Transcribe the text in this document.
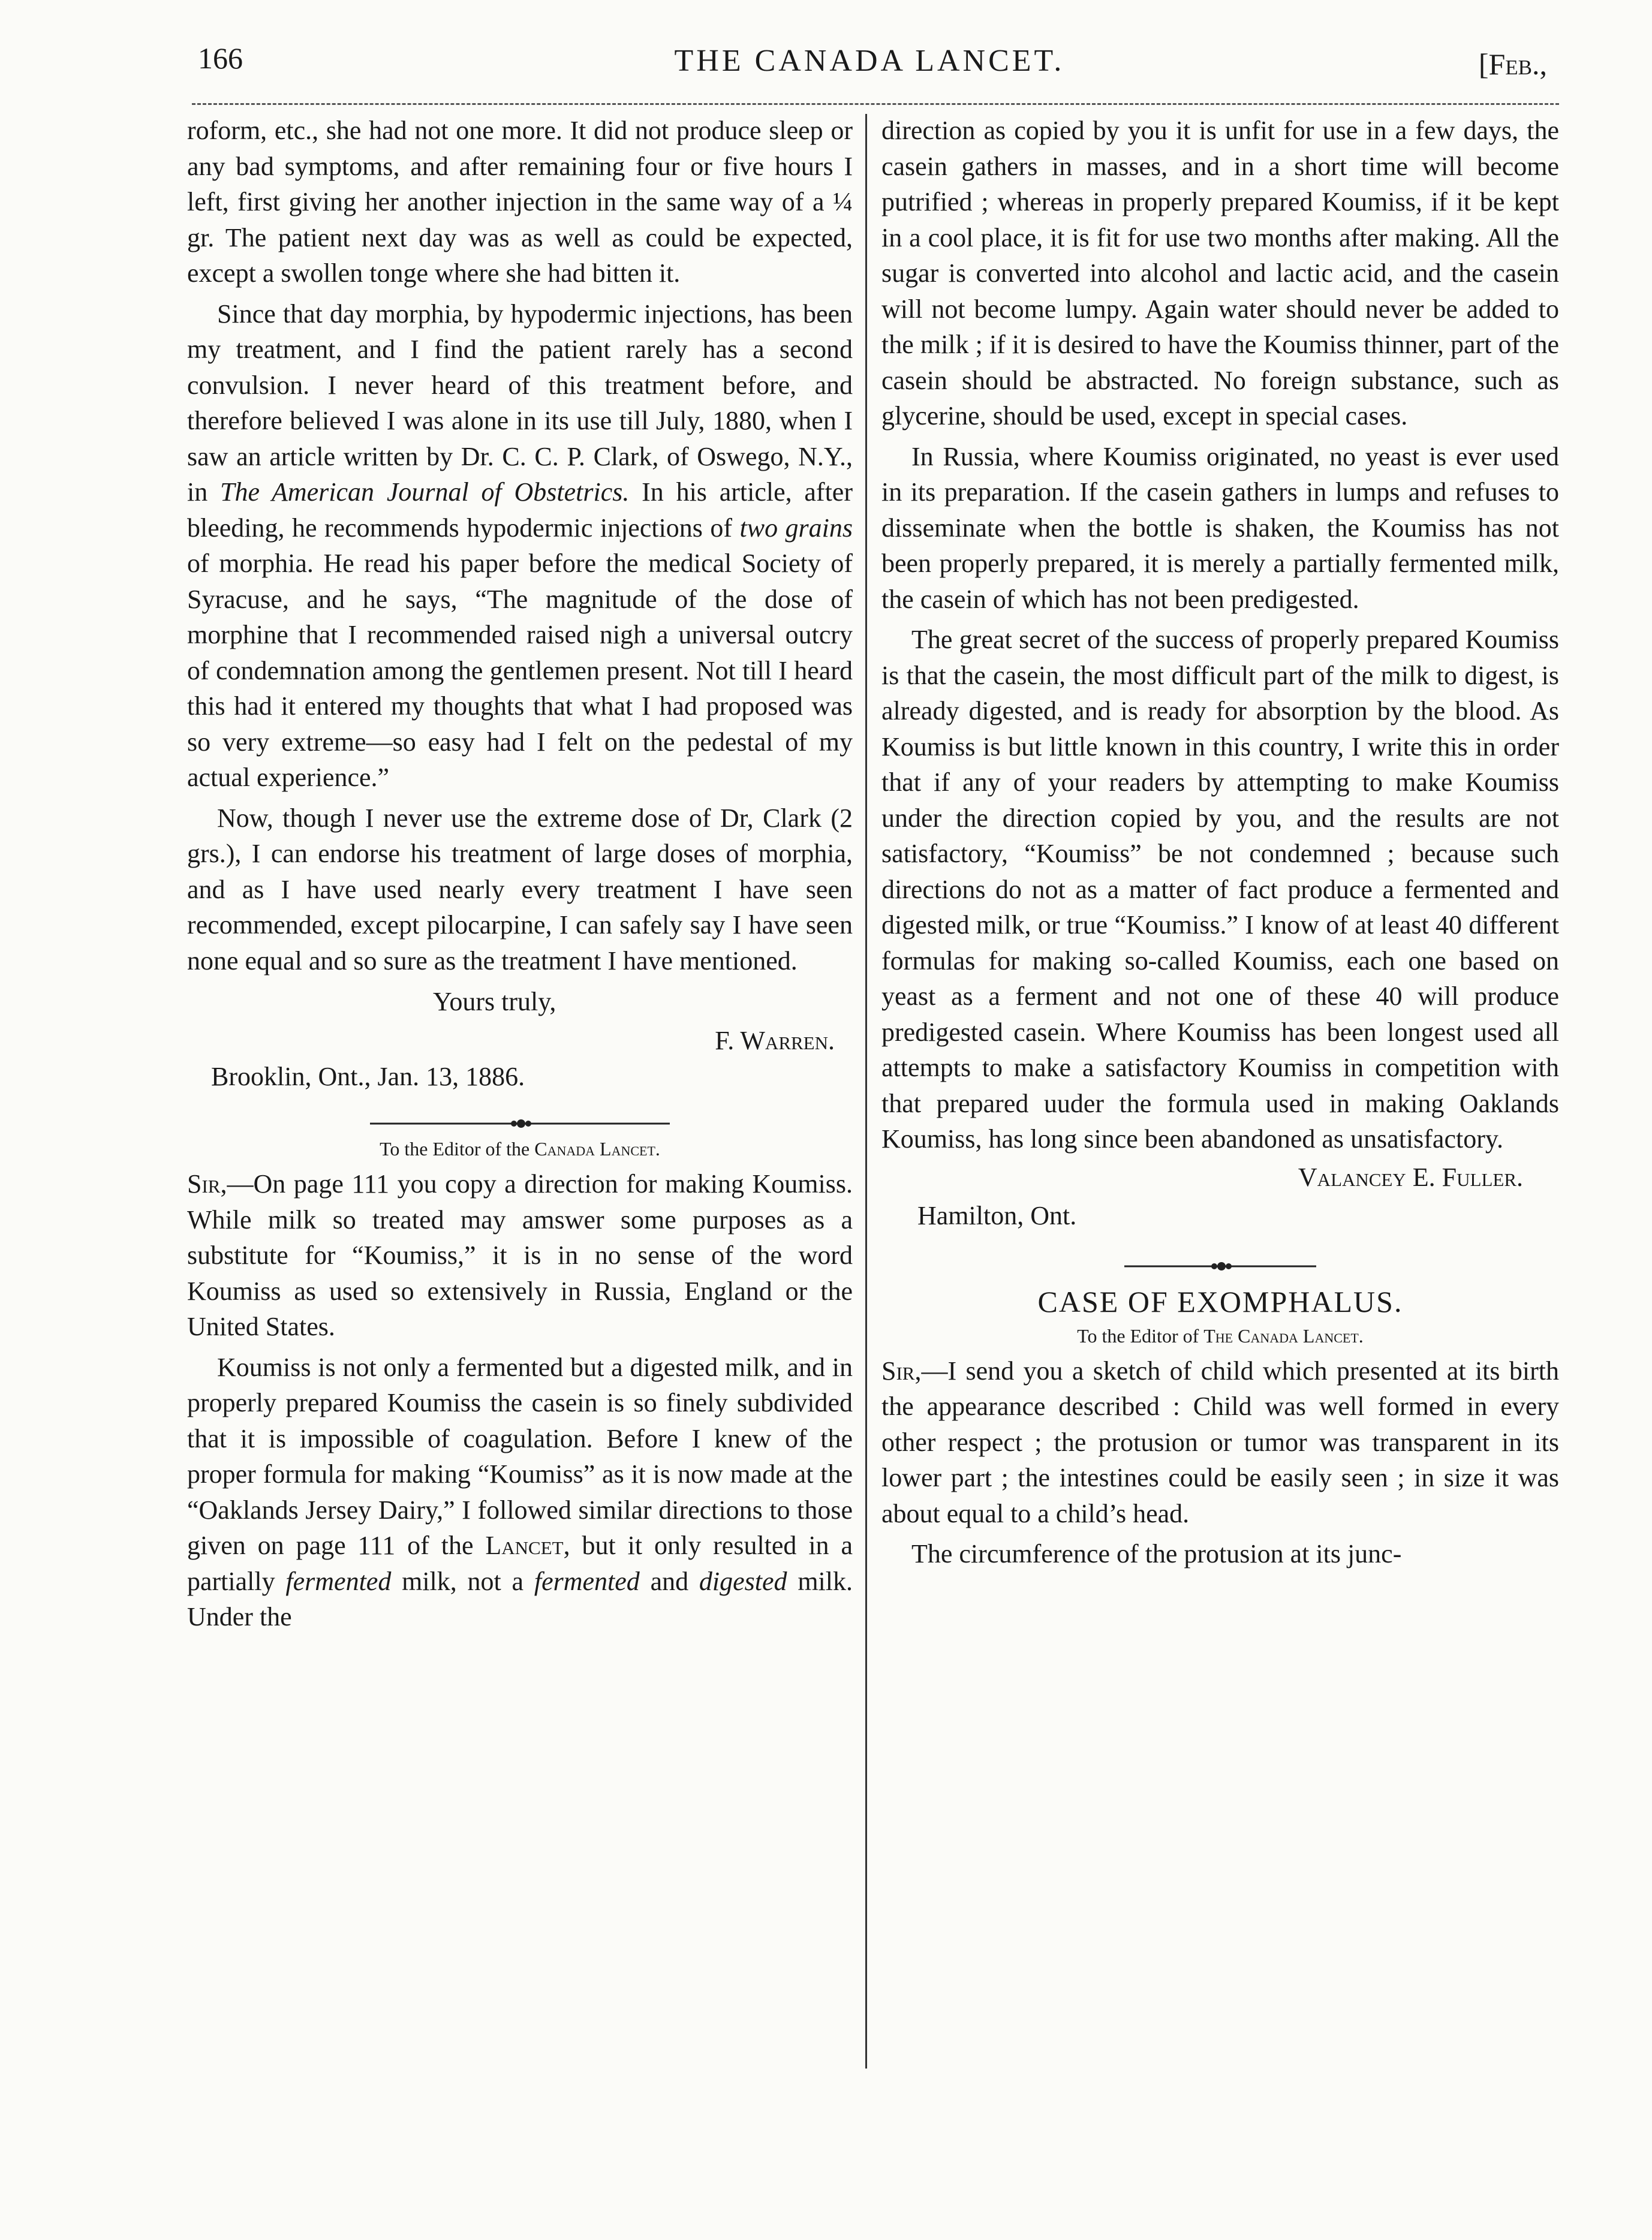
166	THE CANADA LANCET.	[Feb.,

roform, etc., she had not one more. It did not produce sleep or any bad symptoms, and after remaining four or five hours I left, first giving her another injection in the same way of a ¼ gr. The patient next day was as well as could be expected, except a swollen tonge where she had bitten it.

Since that day morphia, by hypodermic injections, has been my treatment, and I find the patient rarely has a second convulsion. I never heard of this treatment before, and therefore believed I was alone in its use till July, 1880, when I saw an article written by Dr. C. C. P. Clark, of Oswego, N.Y., in The American Journal of Obstetrics. In his article, after bleeding, he recommends hypodermic injections of two grains of morphia. He read his paper before the medical Society of Syracuse, and he says, “The magnitude of the dose of morphine that I recommended raised nigh a universal outcry of condemnation among the gentlemen present. Not till I heard this had it entered my thoughts that what I had proposed was so very extreme—so easy had I felt on the pedestal of my actual experience.”

Now, though I never use the extreme dose of Dr, Clark (2 grs.), I can endorse his treatment of large doses of morphia, and as I have used nearly every treatment I have seen recommended, except pilocarpine, I can safely say I have seen none equal and so sure as the treatment I have mentioned.

Yours truly,
F. Warren.
Brooklin, Ont., Jan. 13, 1886.
To the Editor of the Canada Lancet.

Sir,—On page 111 you copy a direction for making Koumiss. While milk so treated may amswer some purposes as a substitute for “Koumiss,” it is in no sense of the word Koumiss as used so extensively in Russia, England or the United States.

Koumiss is not only a fermented but a digested milk, and in properly prepared Koumiss the casein is so finely subdivided that it is impossible of coagulation. Before I knew of the proper formula for making “Koumiss” as it is now made at the “Oaklands Jersey Dairy,” I followed similar directions to those given on page 111 of the Lancet, but it only resulted in a partially fermented milk, not a fermented and digested milk. Under the

direction as copied by you it is unfit for use in a few days, the casein gathers in masses, and in a short time will become putrified ; whereas in properly prepared Koumiss, if it be kept in a cool place, it is fit for use two months after making. All the sugar is converted into alcohol and lactic acid, and the casein will not become lumpy. Again water should never be added to the milk ; if it is desired to have the Koumiss thinner, part of the casein should be abstracted. No foreign substance, such as glycerine, should be used, except in special cases.

In Russia, where Koumiss originated, no yeast is ever used in its preparation. If the casein gathers in lumps and refuses to disseminate when the bottle is shaken, the Koumiss has not been properly prepared, it is merely a partially fermented milk, the casein of which has not been predigested.

The great secret of the success of properly prepared Koumiss is that the casein, the most difficult part of the milk to digest, is already digested, and is ready for absorption by the blood. As Koumiss is but little known in this country, I write this in order that if any of your readers by attempting to make Koumiss under the direction copied by you, and the results are not satisfactory, “Koumiss” be not condemned ; because such directions do not as a matter of fact produce a fermented and digested milk, or true “Koumiss.” I know of at least 40 different formulas for making so-called Koumiss, each one based on yeast as a ferment and not one of these 40 will produce predigested casein. Where Koumiss has been longest used all attempts to make a satisfactory Koumiss in competition with that prepared uuder the formula used in making Oaklands Koumiss, has long since been abandoned as unsatisfactory.

Valancey E. Fuller.
Hamilton, Ont.
CASE OF EXOMPHALUS.
To the Editor of The Canada Lancet.

Sir,—I send you a sketch of child which presented at its birth the appearance described : Child was well formed in every other respect ; the protusion or tumor was transparent in its lower part ; the intestines could be easily seen ; in size it was about equal to a child’s head.

The circumference of the protusion at its junc-
